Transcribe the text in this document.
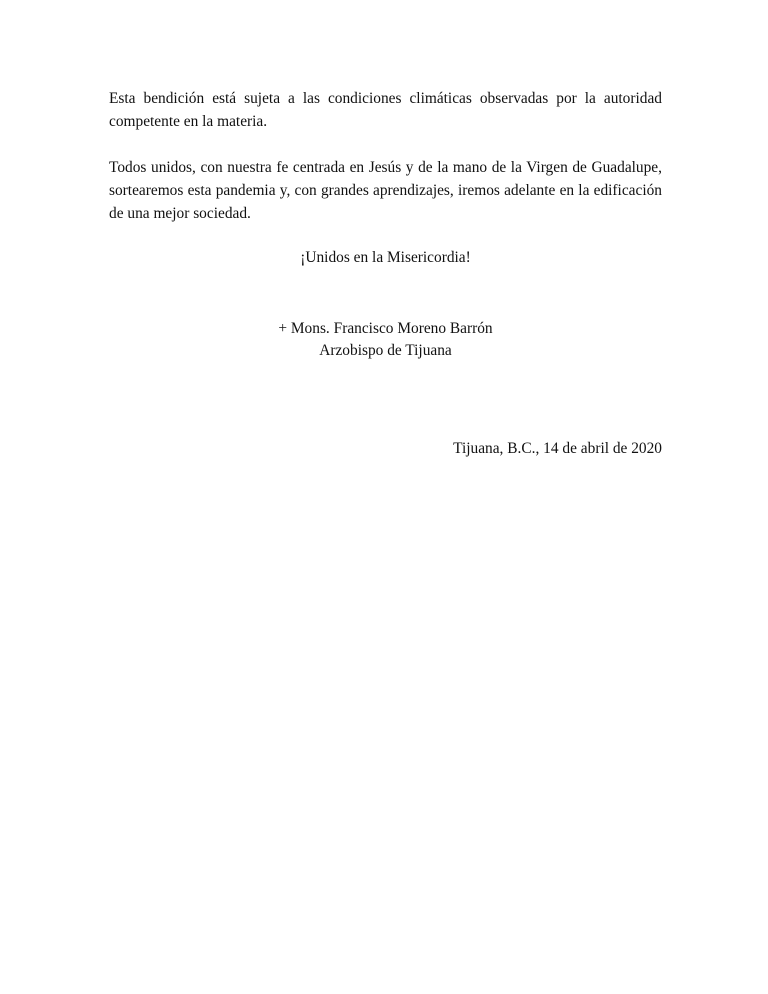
Esta bendición está sujeta a las condiciones climáticas observadas por la autoridad competente en la materia.

Todos unidos, con nuestra fe centrada en Jesús y de la mano de la Virgen de Guadalupe, sortearemos esta pandemia y, con grandes aprendizajes, iremos adelante en la edificación de una mejor sociedad.

¡Unidos en la Misericordia!
+ Mons. Francisco Moreno Barrón
Arzobispo de Tijuana
Tijuana, B.C., 14 de abril de 2020
